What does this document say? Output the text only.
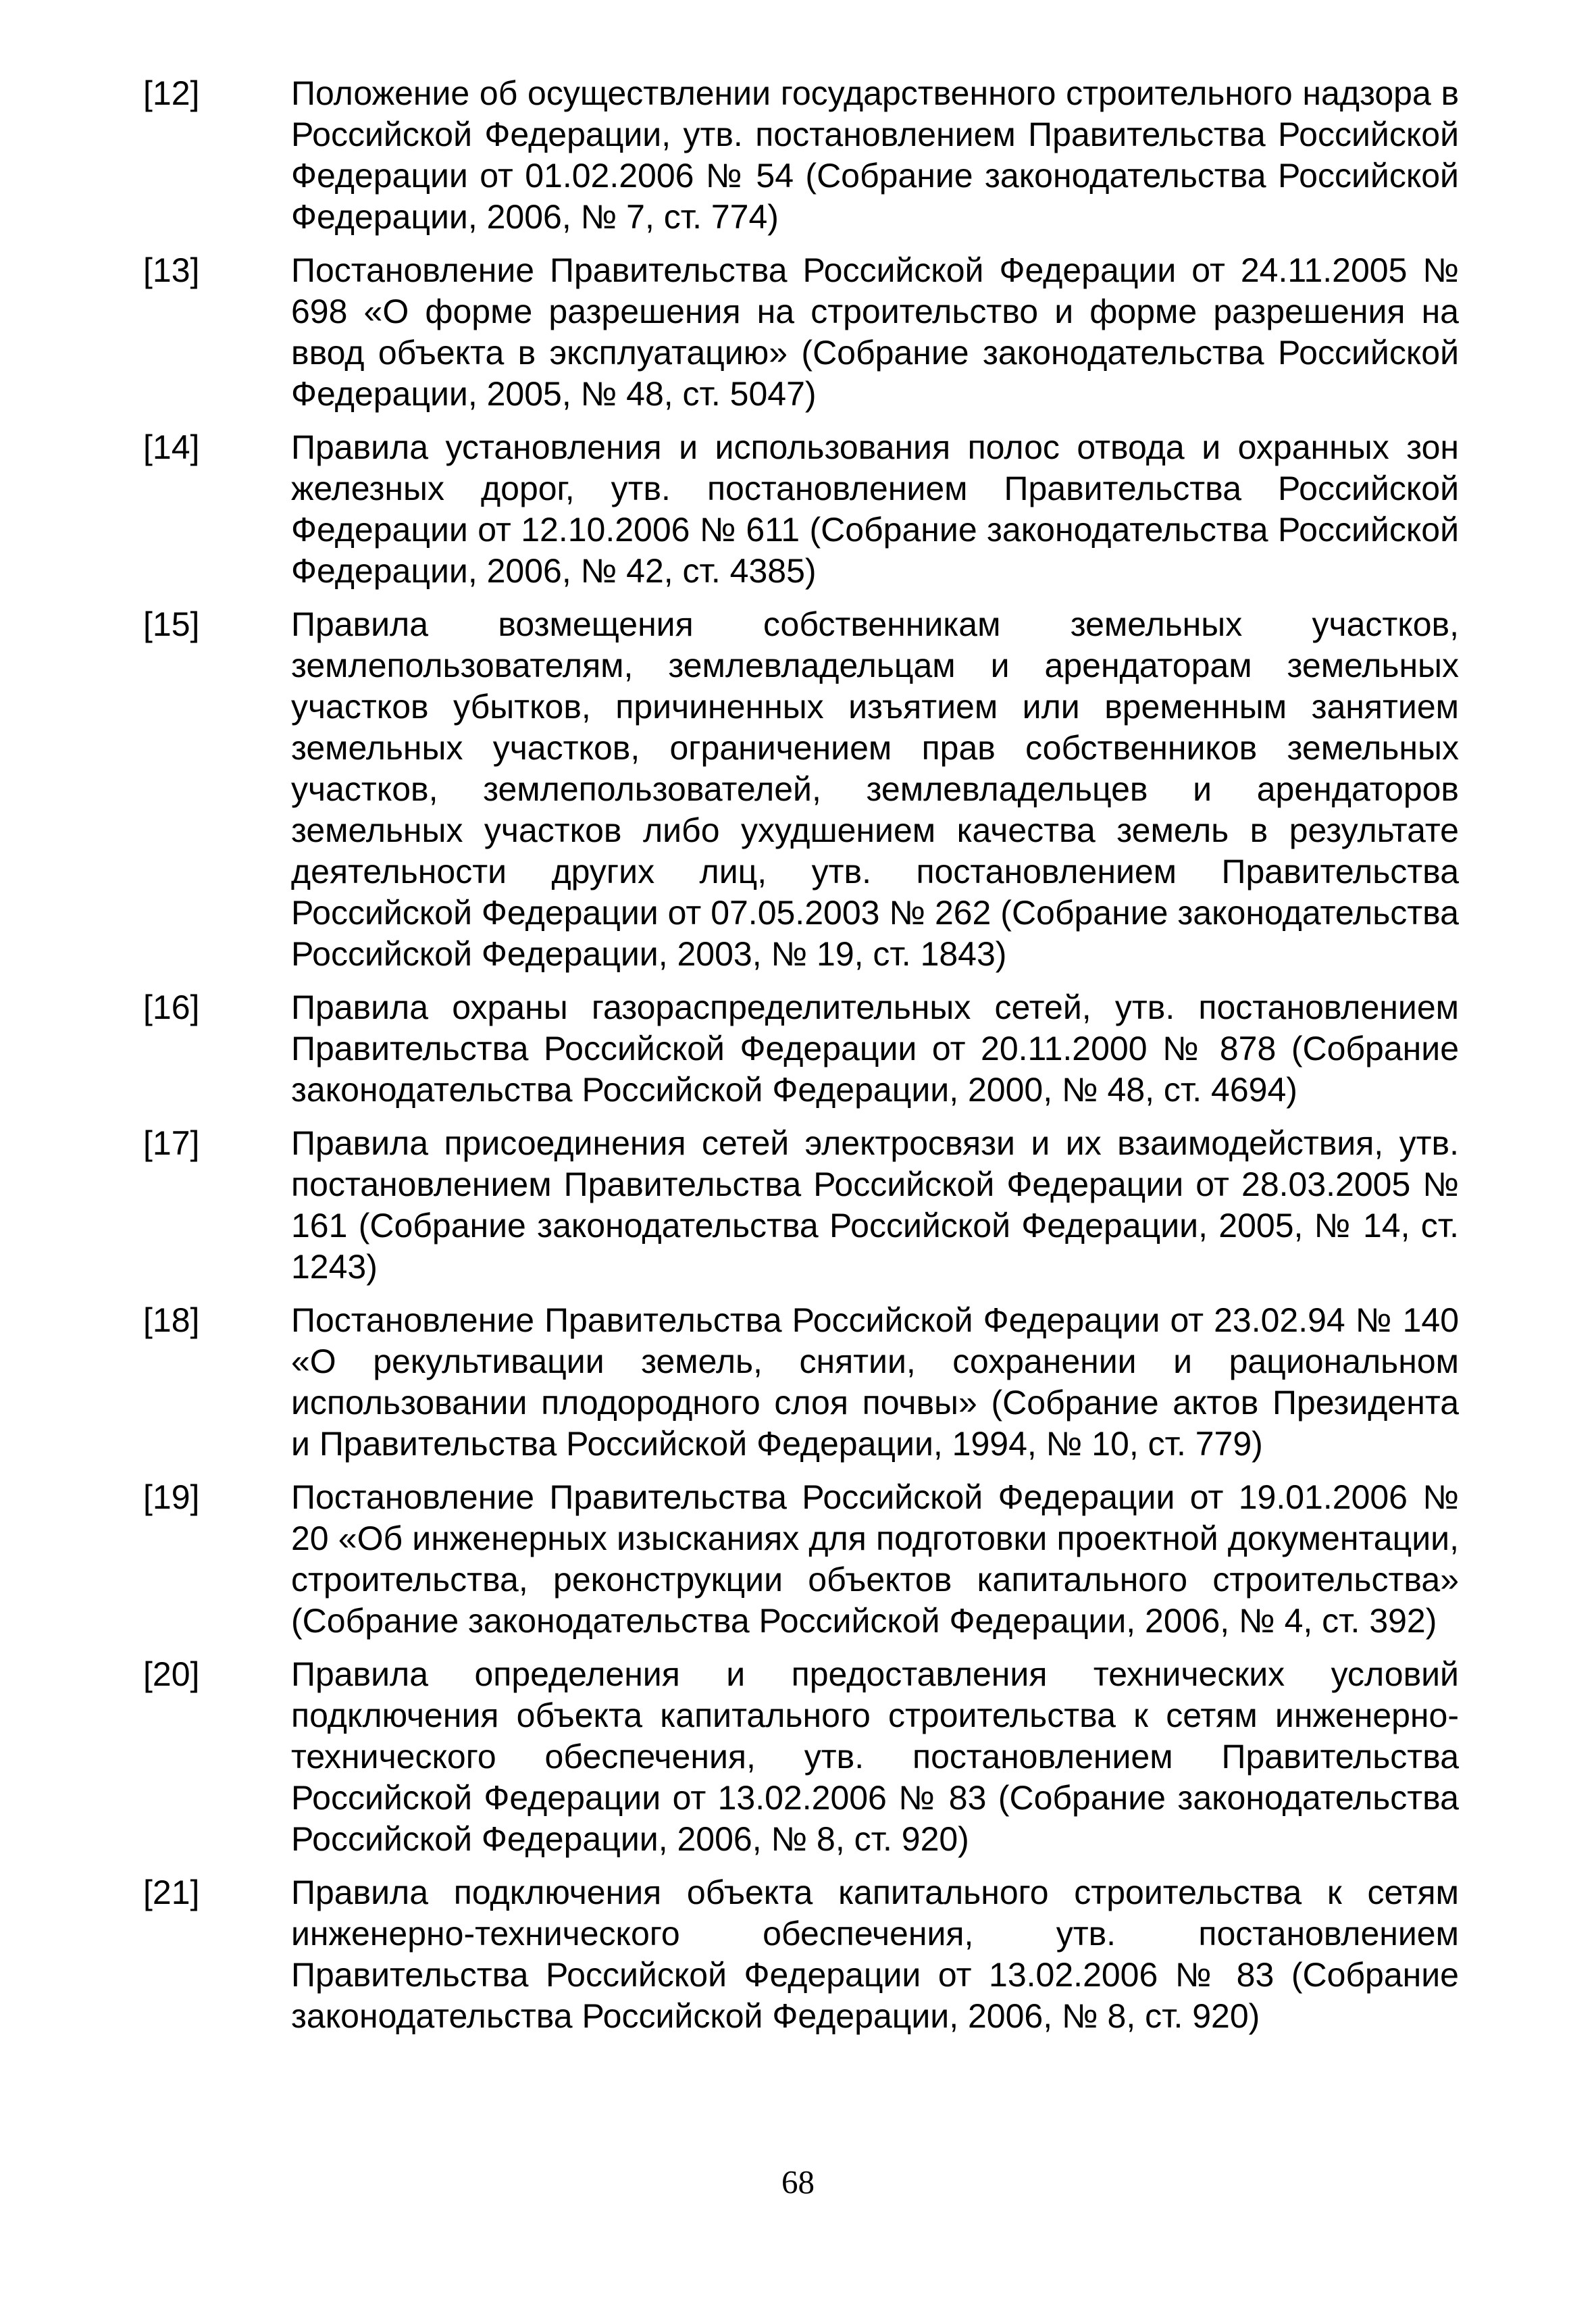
[12]	Положение об осуществлении государственного строительного надзора в Российской Федерации, утв. постановлением Правительства Российской Федерации от 01.02.2006 № 54 (Собрание законодательства Российской Федерации, 2006, № 7, ст. 774)
[13]	Постановление Правительства Российской Федерации от 24.11.2005 № 698 «О форме разрешения на строительство и форме разрешения на ввод объекта в эксплуатацию» (Собрание законодательства Российской Федерации, 2005, № 48, ст. 5047)
[14]	Правила установления и использования полос отвода и охранных зон железных дорог, утв. постановлением Правительства Российской Федерации от 12.10.2006 № 611 (Собрание законодательства Российской Федерации, 2006, № 42, ст. 4385)
[15]	Правила возмещения собственникам земельных участков, землепользователям, землевладельцам и арендаторам земельных участков убытков, причиненных изъятием или временным занятием земельных участков, ограничением прав собственников земельных участков, землепользователей, землевладельцев и арендаторов земельных участков либо ухудшением качества земель в результате деятельности других лиц, утв. постановлением Правительства Российской Федерации от 07.05.2003 № 262 (Собрание законодательства Российской Федерации, 2003, № 19, ст. 1843)
[16]	Правила охраны газораспределительных сетей, утв. постановлением Правительства Российской Федерации от 20.11.2000 № 878 (Собрание законодательства Российской Федерации, 2000, № 48, ст. 4694)
[17]	Правила присоединения сетей электросвязи и их взаимодействия, утв. постановлением Правительства Российской Федерации от 28.03.2005 № 161 (Собрание законодательства Российской Федерации, 2005, № 14, ст. 1243)
[18]	Постановление Правительства Российской Федерации от 23.02.94 № 140 «О рекультивации земель, снятии, сохранении и рациональном использовании плодородного слоя почвы» (Собрание актов Президента и Правительства Российской Федерации, 1994, № 10, ст. 779)
[19]	Постановление Правительства Российской Федерации от 19.01.2006 № 20 «Об инженерных изысканиях для подготовки проектной документации, строительства, реконструкции объектов капитального строительства» (Собрание законодательства Российской Федерации, 2006, № 4, ст. 392)
[20]	Правила определения и предоставления технических условий подключения объекта капитального строительства к сетям инженерно-технического обеспечения, утв. постановлением Правительства Российской Федерации от 13.02.2006 № 83 (Собрание законодательства Российской Федерации, 2006, № 8, ст. 920)
[21]	Правила подключения объекта капитального строительства к сетям инженерно-технического обеспечения, утв. постановлением Правительства Российской Федерации от 13.02.2006 № 83 (Собрание законодательства Российской Федерации, 2006, № 8, ст. 920)
68
